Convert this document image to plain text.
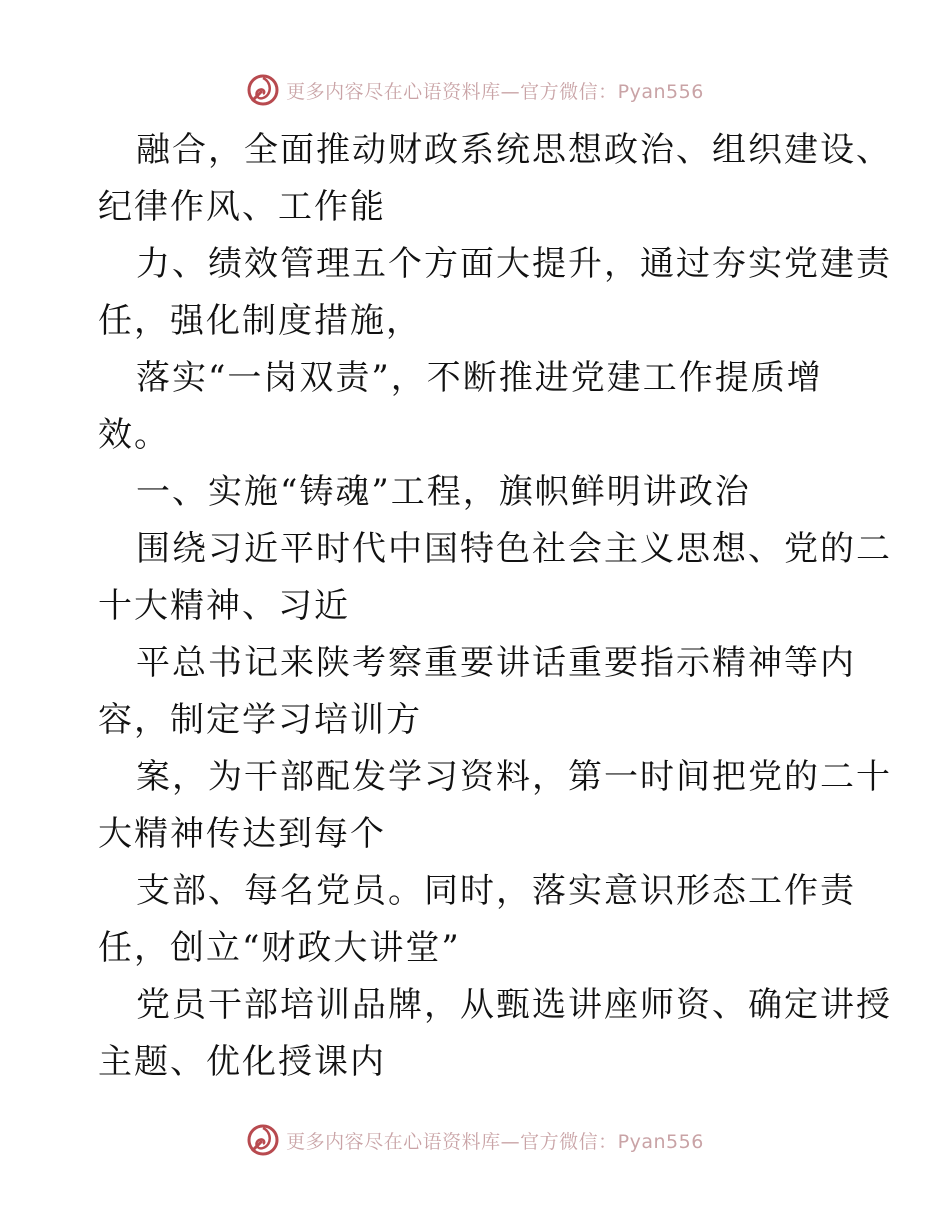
更多内容尽在心语资料库—官方微信：Pyan556
融合，全面推动财政系统思想政治、组织建设、
纪律作风、工作能
力、绩效管理五个方面大提升，通过夯实党建责
任，强化制度措施，
落实“一岗双责”，不断推进党建工作提质增
效。
一、实施“铸魂”工程，旗帜鲜明讲政治
围绕习近平时代中国特色社会主义思想、党的二
十大精神、习近
平总书记来陕考察重要讲话重要指示精神等内
容，制定学习培训方
案，为干部配发学习资料，第一时间把党的二十
大精神传达到每个
支部、每名党员。同时，落实意识形态工作责
任，创立“财政大讲堂”
党员干部培训品牌，从甄选讲座师资、确定讲授
主题、优化授课内
更多内容尽在心语资料库—官方微信：Pyan556
